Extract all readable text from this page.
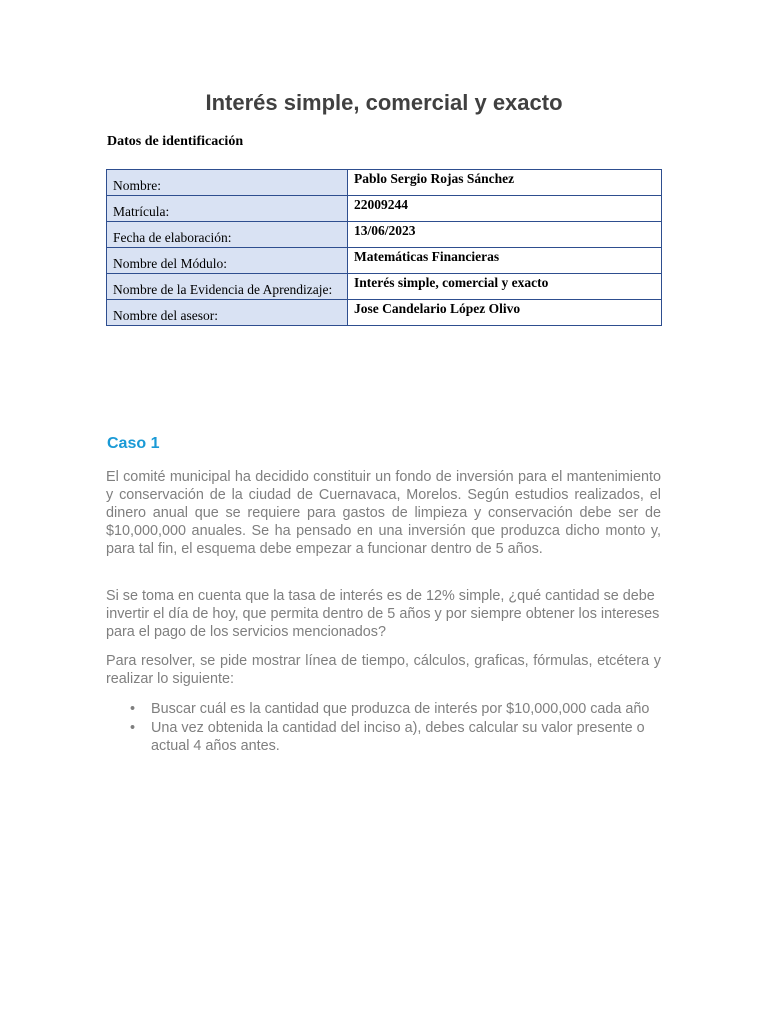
Interés simple, comercial y exacto
Datos de identificación
Nombre:	Pablo Sergio Rojas Sánchez
Matrícula:	22009244
Fecha de elaboración:	13/06/2023
Nombre del Módulo:	Matemáticas Financieras
Nombre de la Evidencia de Aprendizaje:	Interés simple, comercial y exacto
Nombre del asesor:	Jose Candelario López Olivo
Caso 1
El comité municipal ha decidido constituir un fondo de inversión para el mantenimiento y conservación de la ciudad de Cuernavaca, Morelos. Según estudios realizados, el dinero anual que se requiere para gastos de limpieza y conservación debe ser de $10,000,000 anuales. Se ha pensado en una inversión que produzca dicho monto y, para tal fin, el esquema debe empezar a funcionar dentro de 5 años.
Si se toma en cuenta que la tasa de interés es de 12% simple, ¿qué cantidad se debe invertir el día de hoy, que permita dentro de 5 años y por siempre obtener los intereses para el pago de los servicios mencionados?
Para resolver, se pide mostrar línea de tiempo, cálculos, graficas, fórmulas, etcétera y realizar lo siguiente:
• Buscar cuál es la cantidad que produzca de interés por $10,000,000 cada año
• Una vez obtenida la cantidad del inciso a), debes calcular su valor presente o actual 4 años antes.
